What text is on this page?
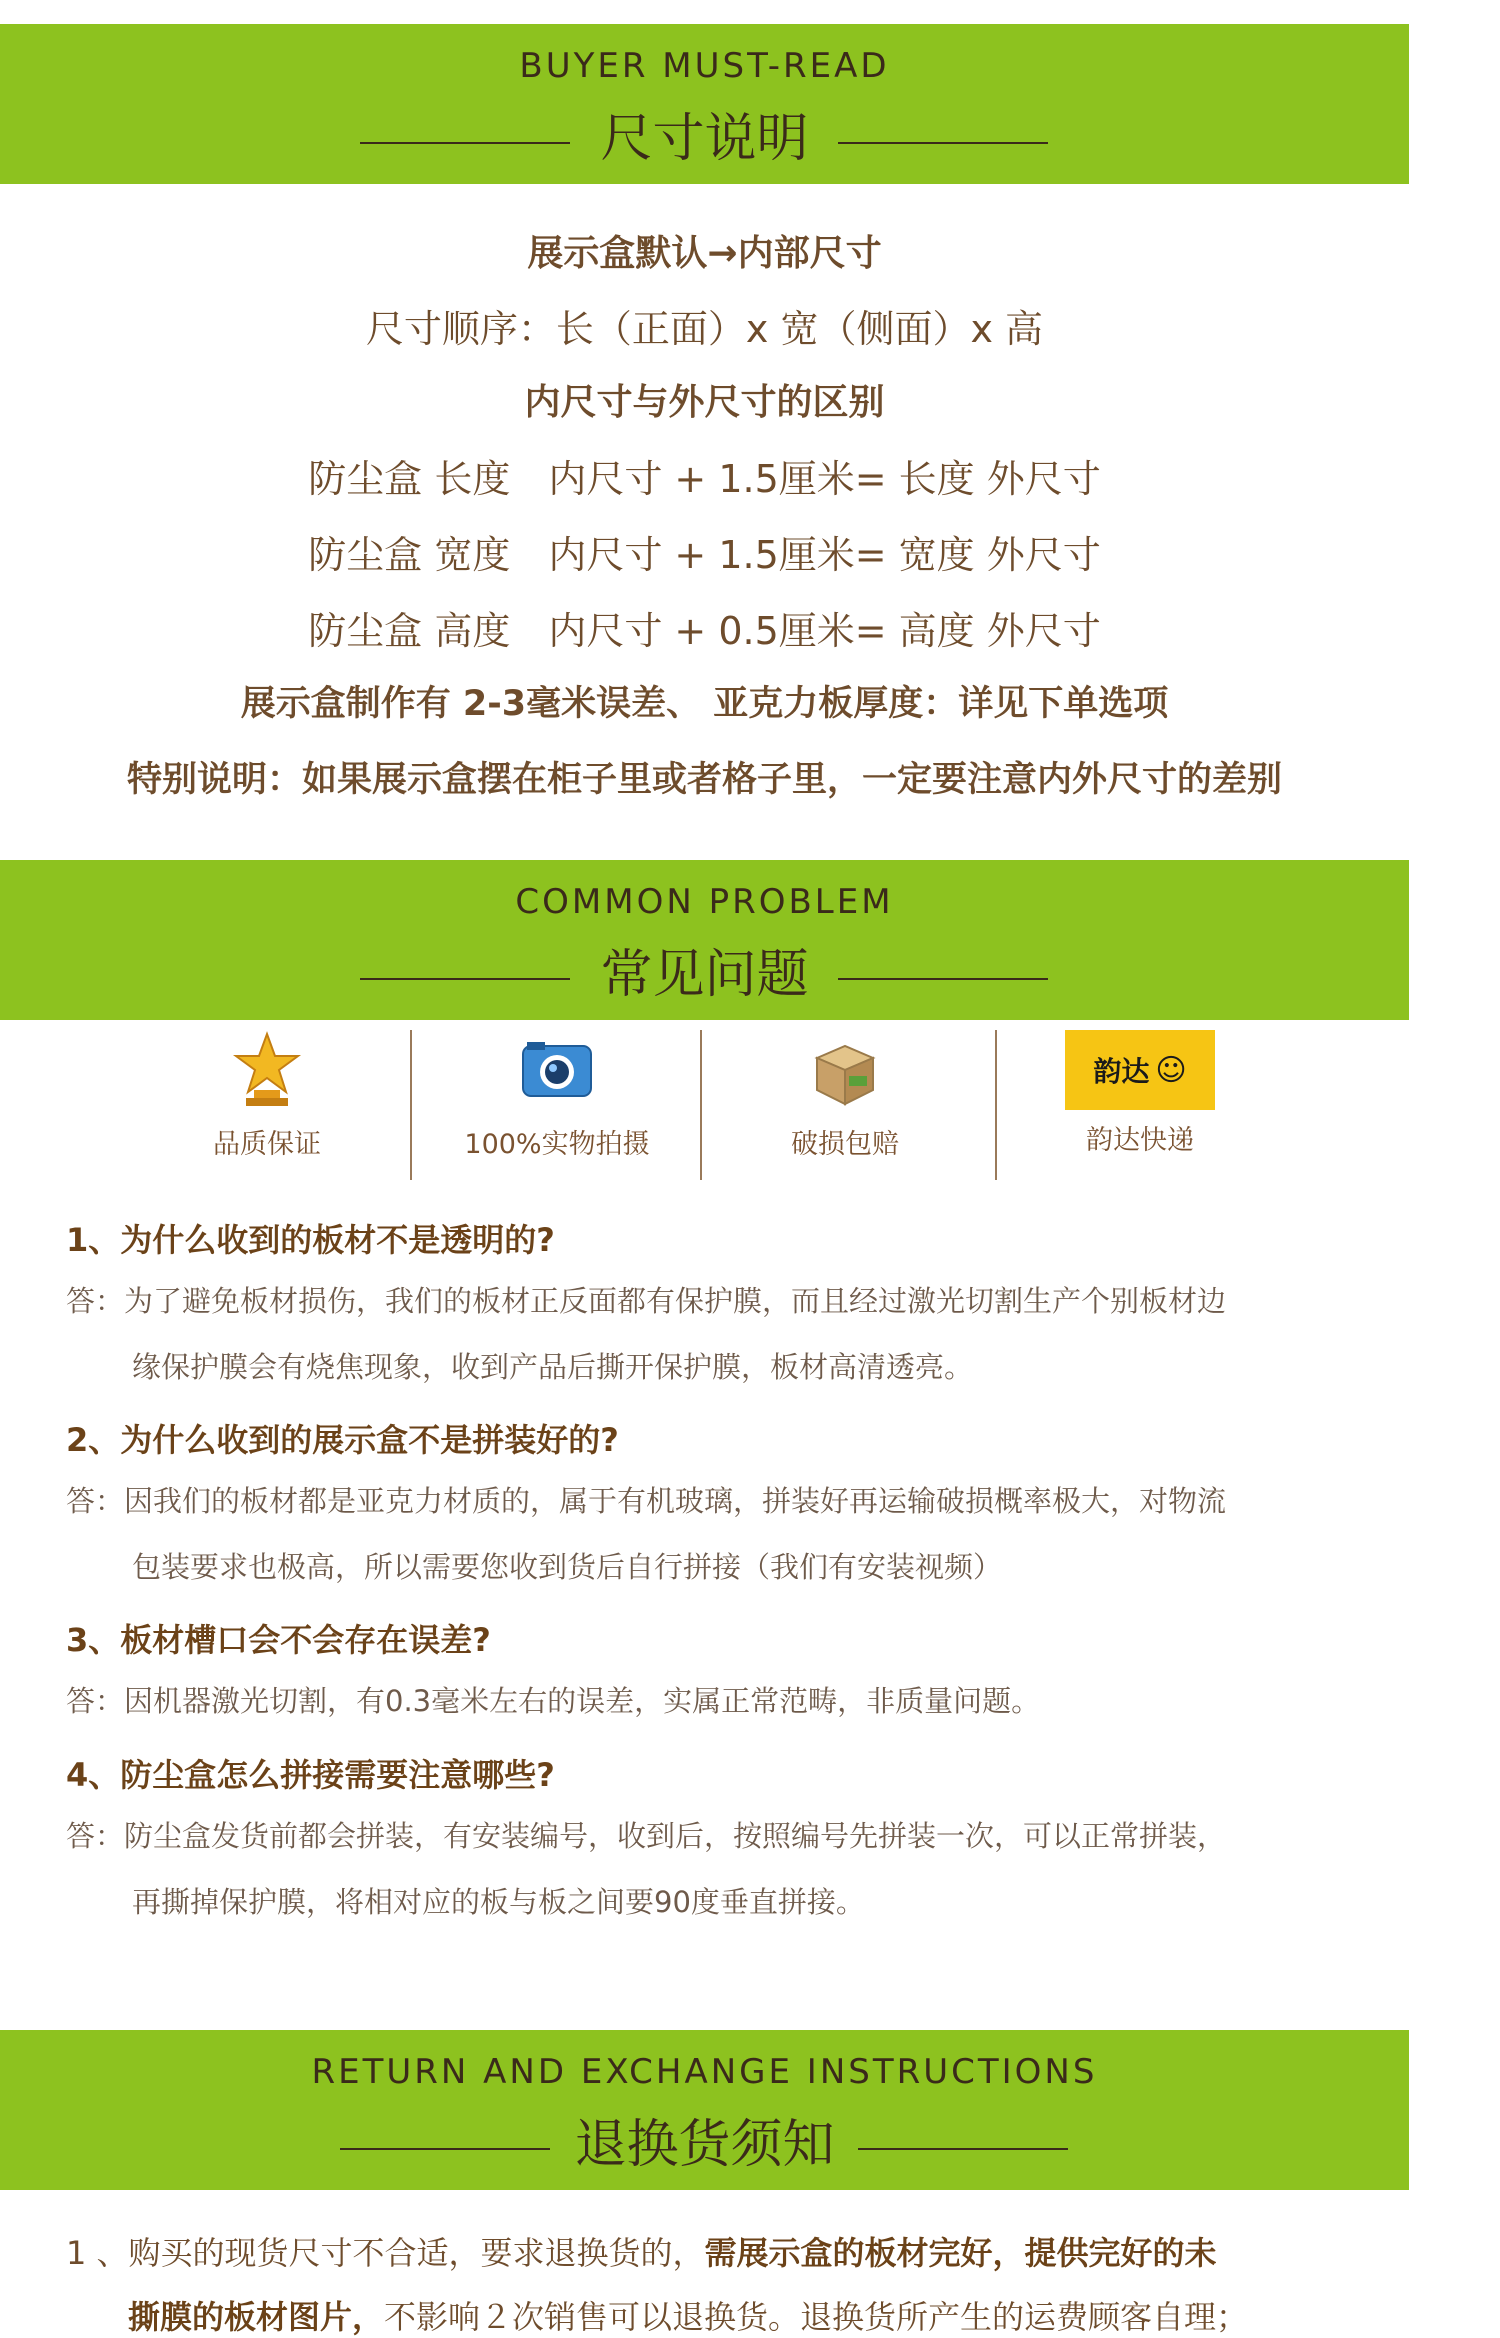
BUYER MUST-READ
尺寸说明
展示盒默认→内部尺寸
尺寸顺序：长（正面）x 宽（侧面）x 高
内尺寸与外尺寸的区别
防尘盒 长度　内尺寸 + 1.5厘米= 长度 外尺寸
防尘盒 宽度　内尺寸 + 1.5厘米= 宽度 外尺寸
防尘盒 高度　内尺寸 + 0.5厘米= 高度 外尺寸
展示盒制作有 2-3毫米误差、 亚克力板厚度：详见下单选项
特别说明：如果展示盒摆在柜子里或者格子里，一定要注意内外尺寸的差别
COMMON PROBLEM
常见问题
品质保证	100%实物拍摄	破损包赔
韵达 ☺
韵达快递
1、为什么收到的板材不是透明的?
答：为了避免板材损伤，我们的板材正反面都有保护膜，而且经过激光切割生产个别板材边
缘保护膜会有烧焦现象，收到产品后撕开保护膜，板材高清透亮。
2、为什么收到的展示盒不是拼装好的?
答：因我们的板材都是亚克力材质的，属于有机玻璃，拼装好再运输破损概率极大，对物流
包装要求也极高，所以需要您收到货后自行拼接（我们有安装视频）
3、板材槽口会不会存在误差?
答：因机器激光切割，有0.3毫米左右的误差，实属正常范畴，非质量问题。
4、防尘盒怎么拼接需要注意哪些?
答：防尘盒发货前都会拼装，有安装编号，收到后，按照编号先拼装一次，可以正常拼装，
再撕掉保护膜，将相对应的板与板之间要90度垂直拼接。
RETURN AND EXCHANGE INSTRUCTIONS
退换货须知
1 、购买的现货尺寸不合适，要求退换货的，需展示盒的板材完好，提供完好的未
撕膜的板材图片，不影响２次销售可以退换货。退换货所产生的运费顾客自理；
